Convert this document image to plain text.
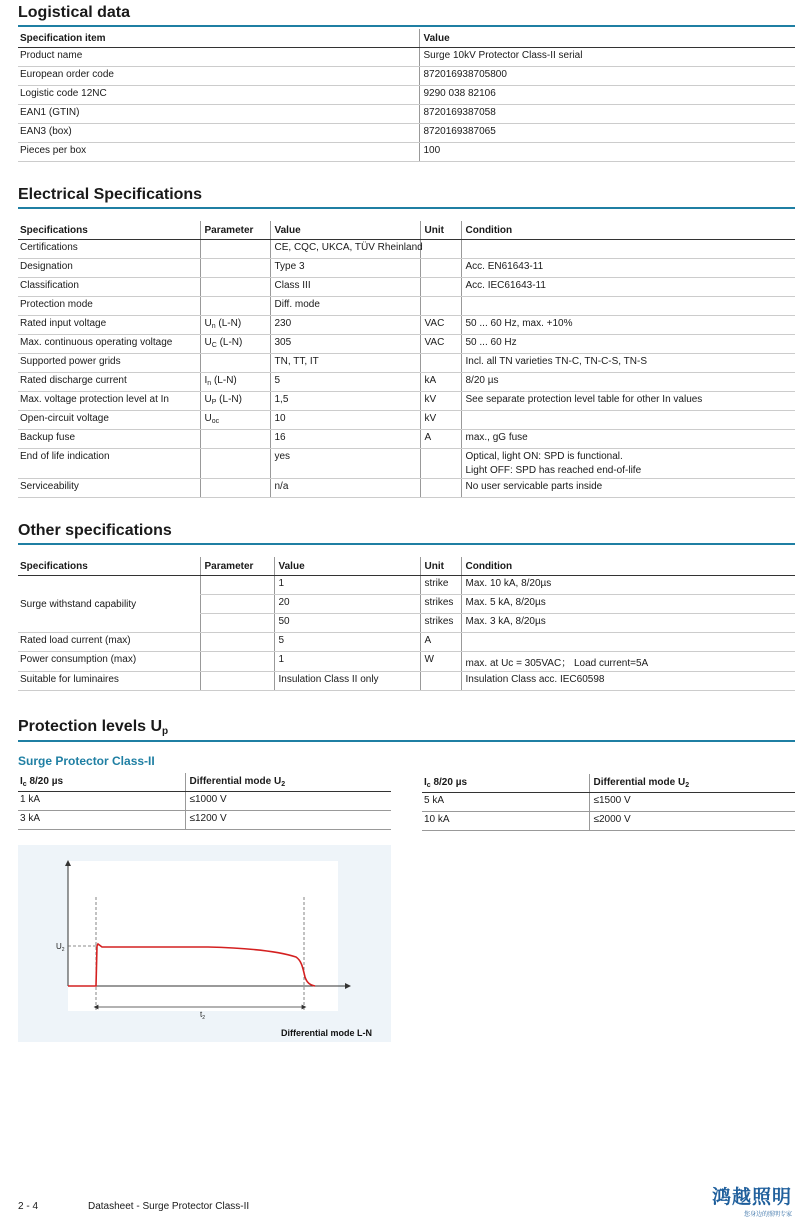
Logistical data
Specification item	Value
Product name	Surge 10kV Protector Class-II serial
European order code	872016938705800
Logistic code 12NC	9290 038 82106
EAN1 (GTIN)	8720169387058
EAN3 (box)	8720169387065
Pieces per box	100
Electrical Specifications
Specifications	Parameter	Value	Unit	Condition
Certifications		CE, CQC, UKCA, TÜV Rheinland		

Designation		Type 3		Acc. EN61643-11

Classification		Class III		Acc. IEC61643-11

Protection mode		Diff. mode		

Rated input voltage	$U_n$ (L-N)	230	VAC	50 ... 60 Hz, max. +10%

Max. continuous operating voltage	$U_C$ (L-N)	305	VAC	50 ... 60 Hz

Supported power grids		TN, TT, IT		Incl. all TN varieties TN-C, TN-C-S, TN-S

Rated discharge current	$I_n$ (L-N)	5	kA	8/20 µs

Max. voltage protection level at In	$U_P$ (L-N)	1,5	kV	See separate protection level table for other In values

Open-circuit voltage	$U_{oc}$	10	kV	

Backup fuse		16	A	max., gG fuse

End of life indication		yes		Optical, light ON: SPD is functional.
Light OFF: SPD has reached end-of-life

Serviceability		n/a		No user servicable parts inside
Other specifications
Specifications	Parameter	Value	Unit	Condition
Surge withstand capability		1	strike	Max. 10 kA, 8/20µs
		20	strikes	Max. 5 kA, 8/20µs
		50	strikes	Max. 3 kA, 8/20µs
Rated load current (max)		5	A	
Power consumption (max)		1	W	max. at Uc = 305VAC； Load current=5A
Suitable for luminaires		Insulation Class II only		Insulation Class acc. IEC60598
Protection levels $U_p$
Surge Protector Class-II
$I_c$ 8/20 µs	Differential mode $U_2$
1 kA	≤1000 V
3 kA	≤1200 V
$I_c$ 8/20 µs	Differential mode $U_2$
5 kA	≤1500 V
10 kA	≤2000 V
$U_2$
$t_2$
Differential mode L-N
2 - 4	Datasheet - Surge Protector Class-II	鸿越照明
您身边的照明专家
